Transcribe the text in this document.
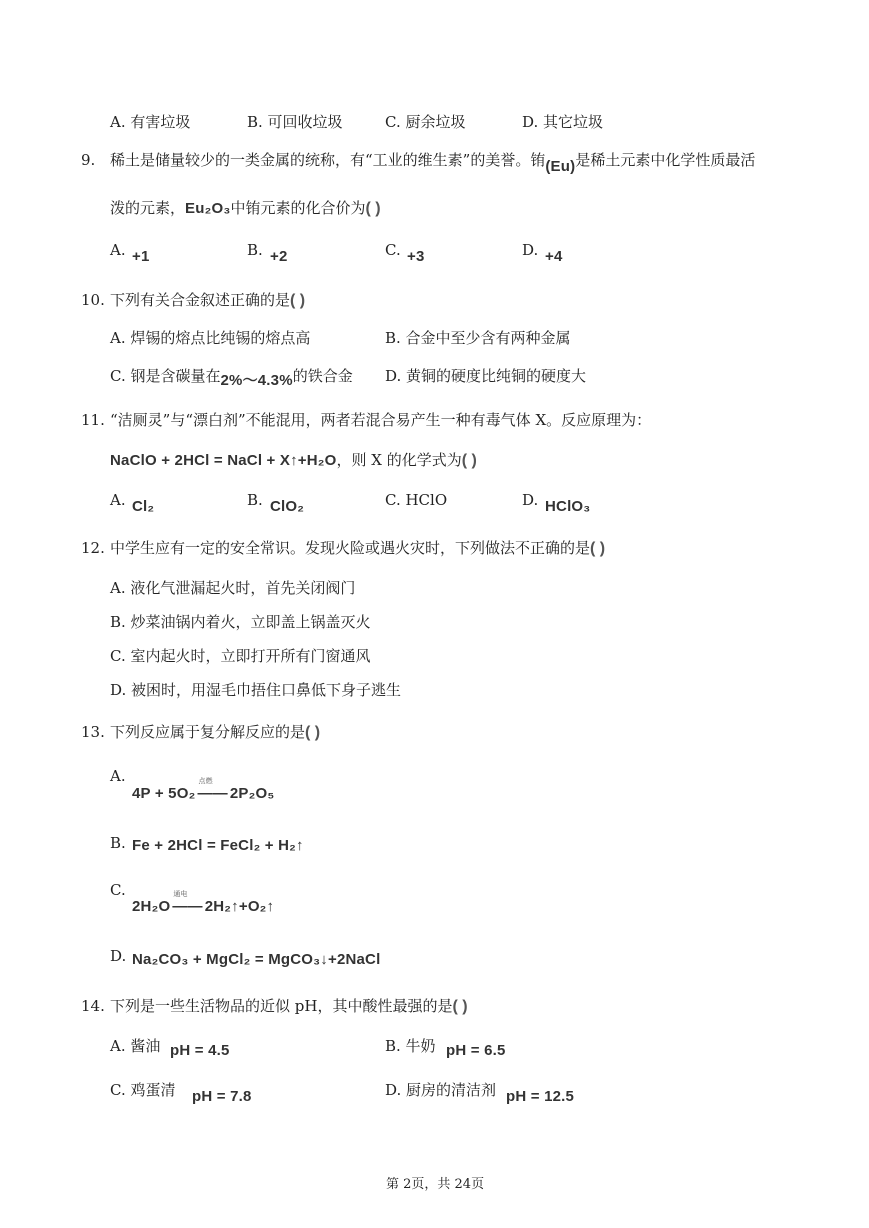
A. 有害垃圾	B. 可回收垃圾	C. 厨余垃圾	D. 其它垃圾
9. 稀土是储量较少的一类金属的统称，有“工业的维生素”的美誉。铕(Eu)是稀土元素中化学性质最活
泼的元素，Eu₂O₃中铕元素的化合价为( )
A. +1	B. +2	C. +3	D. +4
10. 下列有关合金叙述正确的是( )
A. 焊锡的熔点比纯锡的熔点高	B. 合金中至少含有两种金属
C. 钢是含碳量在2%～4.3%的铁合金 D. 黄铜的硬度比纯铜的硬度大
11. “洁厕灵”与“漂白剂”不能混用，两者若混合易产生一种有毒气体 X。反应原理为：
NaClO + 2HCl = NaCl + X↑+H₂O，则 X 的化学式为( )
A. Cl₂	B. ClO₂	C. HClO	D. HClO₃
12. 中学生应有一定的安全常识。发现火险或遇火灾时，下列做法不正确的是( )
A. 液化气泄漏起火时，首先关闭阀门
B. 炒菜油锅内着火，立即盖上锅盖灭火
C. 室内起火时，立即打开所有门窗通风
D. 被困时，用湿毛巾捂住口鼻低下身子逃生
13. 下列反应属于复分解反应的是( )
A.
4P + 5O₂
点燃
—— 2P₂O₅
B. Fe + 2HCl = FeCl₂ + H₂↑
C.
2H₂O
通电
—— 2H₂↑+O₂↑
D. Na₂CO₃ + MgCl₂ = MgCO₃↓+2NaCl
14. 下列是一些生活物品的近似 pH，其中酸性最强的是( )
A. 酱油 pH = 4.5	B. 牛奶 pH = 6.5
C. 鸡蛋清 pH = 7.8	D. 厨房的清洁剂 pH = 12.5
第 2页，共 24页
